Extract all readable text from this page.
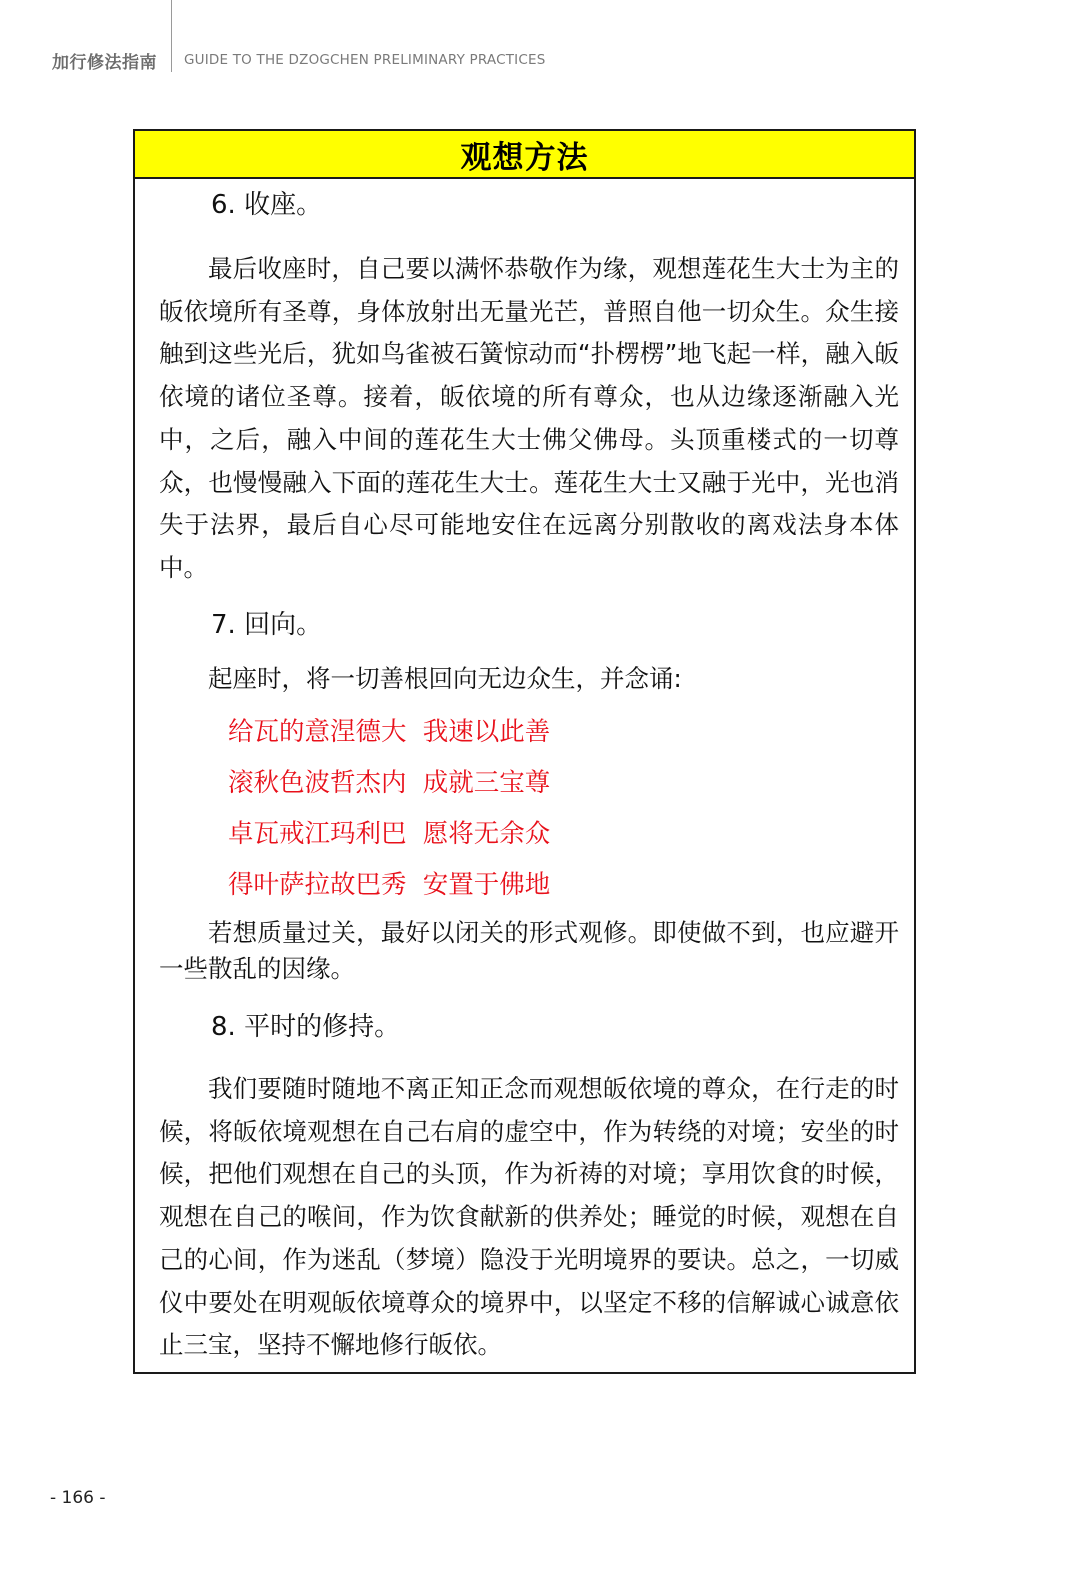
加行修法指南 GUIDE TO THE DZOGCHEN PRELIMINARY PRACTICES
观想方法
6. 收座。
最后收座时，自己要以满怀恭敬作为缘，观想莲花生大士为主的皈依境所有圣尊，身体放射出无量光芒，普照自他一切众生。众生接触到这些光后，犹如鸟雀被石簧惊动而“扑楞楞”地飞起一样，融入皈依境的诸位圣尊。接着，皈依境的所有尊众，也从边缘逐渐融入光中，之后，融入中间的莲花生大士佛父佛母。头顶重楼式的一切尊众，也慢慢融入下面的莲花生大士。莲花生大士又融于光中，光也消失于法界，最后自心尽可能地安住在远离分别散收的离戏法身本体中。
7. 回向。
起座时，将一切善根回向无边众生，并念诵:
给瓦的意涅德大  我速以此善
滚秋色波哲杰内  成就三宝尊
卓瓦戒江玛利巴  愿将无余众
得叶萨拉故巴秀  安置于佛地
若想质量过关，最好以闭关的形式观修。即使做不到，也应避开一些散乱的因缘。
8. 平时的修持。
我们要随时随地不离正知正念而观想皈依境的尊众，在行走的时候，将皈依境观想在自己右肩的虚空中，作为转绕的对境；安坐的时候，把他们观想在自己的头顶，作为祈祷的对境；享用饮食的时候，观想在自己的喉间，作为饮食献新的供养处；睡觉的时候，观想在自己的心间，作为迷乱（梦境）隐没于光明境界的要诀。总之，一切威仪中要处在明观皈依境尊众的境界中，以坚定不移的信解诚心诚意依止三宝，坚持不懈地修行皈依。
- 166 -
